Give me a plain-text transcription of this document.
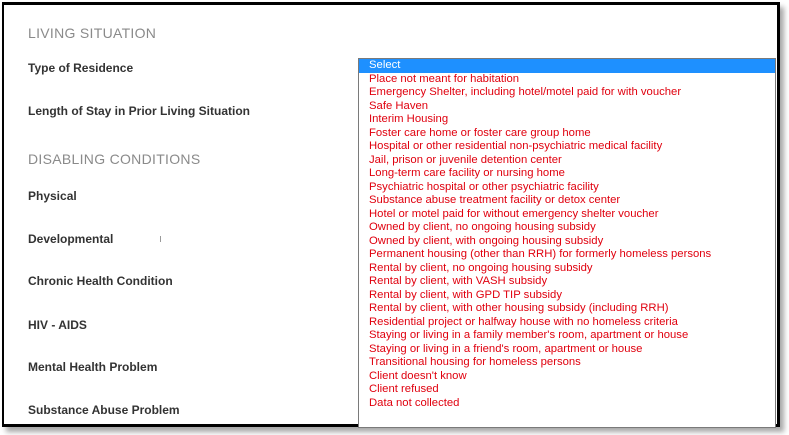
LIVING SITUATION
Type of Residence
Length of Stay in Prior Living Situation
DISABLING CONDITIONS
Physical
Developmental
Chronic Health Condition
HIV - AIDS
Mental Health Problem
Substance Abuse Problem
Select
Place not meant for habitation
Emergency Shelter, including hotel/motel paid for with voucher
Safe Haven
Interim Housing
Foster care home or foster care group home
Hospital or other residential non-psychiatric medical facility
Jail, prison or juvenile detention center
Long-term care facility or nursing home
Psychiatric hospital or other psychiatric facility
Substance abuse treatment facility or detox center
Hotel or motel paid for without emergency shelter voucher
Owned by client, no ongoing housing subsidy
Owned by client, with ongoing housing subsidy
Permanent housing (other than RRH) for formerly homeless persons
Rental by client, no ongoing housing subsidy
Rental by client, with VASH subsidy
Rental by client, with GPD TIP subsidy
Rental by client, with other housing subsidy (including RRH)
Residential project or halfway house with no homeless criteria
Staying or living in a family member's room, apartment or house
Staying or living in a friend's room, apartment or house
Transitional housing for homeless persons
Client doesn't know
Client refused
Data not collected
